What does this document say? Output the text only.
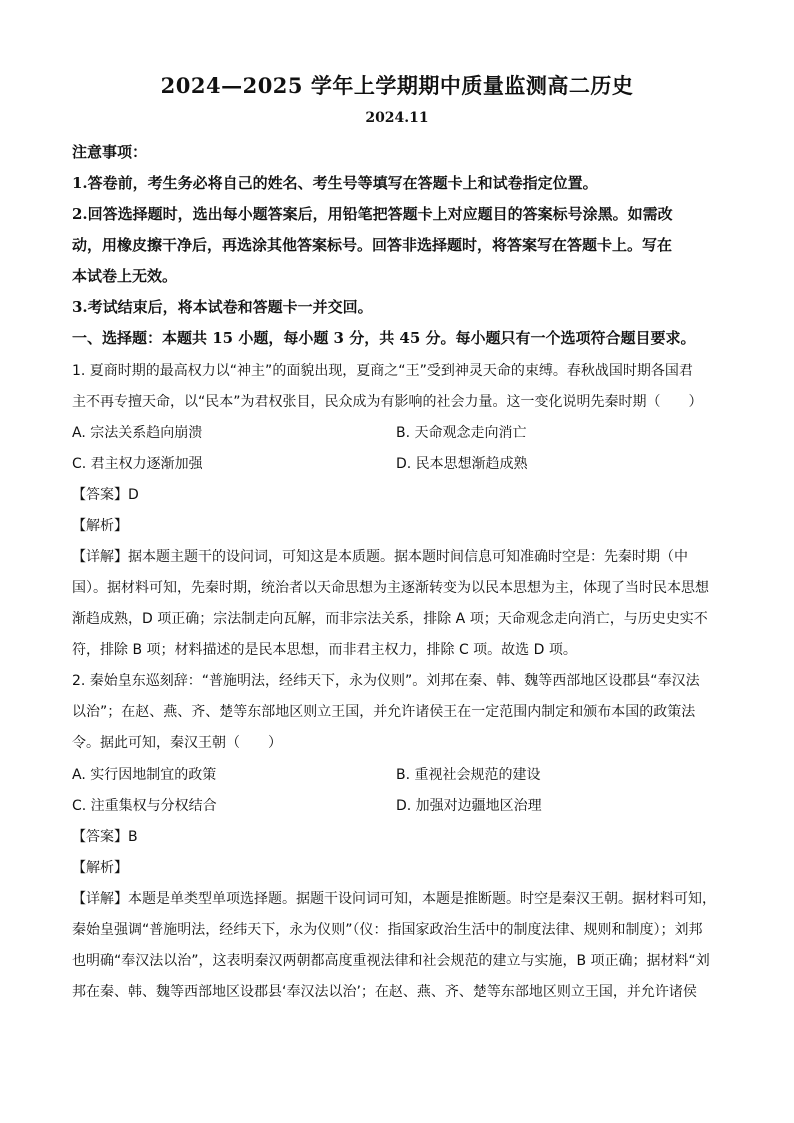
2024—2025 学年上学期期中质量监测高二历史
2024.11
注意事项：
1.答卷前，考生务必将自己的姓名、考生号等填写在答题卡上和试卷指定位置。
2.回答选择题时，选出每小题答案后，用铅笔把答题卡上对应题目的答案标号涂黑。如需改
动，用橡皮擦干净后，再选涂其他答案标号。回答非选择题时，将答案写在答题卡上。写在
本试卷上无效。
3.考试结束后，将本试卷和答题卡一并交回。
一、选择题：本题共 15 小题，每小题 3 分，共 45 分。每小题只有一个选项符合题目要求。
1. 夏商时期的最高权力以“神主”的面貌出现，夏商之“王”受到神灵天命的束缚。春秋战国时期各国君
主不再专擅天命，以“民本”为君权张目，民众成为有影响的社会力量。这一变化说明先秦时期（　　）
A. 宗法关系趋向崩溃	B. 天命观念走向消亡
C. 君主权力逐渐加强	D. 民本思想渐趋成熟
【答案】D
【解析】
【详解】据本题主题干的设问词，可知这是本质题。据本题时间信息可知准确时空是：先秦时期（中
国）。据材料可知，先秦时期，统治者以天命思想为主逐渐转变为以民本思想为主，体现了当时民本思想
渐趋成熟，D 项正确；宗法制走向瓦解，而非宗法关系，排除 A 项；天命观念走向消亡，与历史史实不
符，排除 B 项；材料描述的是民本思想，而非君主权力，排除 C 项。故选 D 项。
2. 秦始皇东巡刻辞：“普施明法，经纬天下，永为仪则”。刘邦在秦、韩、魏等西部地区设郡县“奉汉法
以治”；在赵、燕、齐、楚等东部地区则立王国，并允许诸侯王在一定范围内制定和颁布本国的政策法
令。据此可知，秦汉王朝（　　）
A. 实行因地制宜的政策	B. 重视社会规范的建设
C. 注重集权与分权结合	D. 加强对边疆地区治理
【答案】B
【解析】
【详解】本题是单类型单项选择题。据题干设问词可知，本题是推断题。时空是秦汉王朝。据材料可知，
秦始皇强调“普施明法，经纬天下，永为仪则”（仪：指国家政治生活中的制度法律、规则和制度）；刘邦
也明确“奉汉法以治”，这表明秦汉两朝都高度重视法律和社会规范的建立与实施，B 项正确；据材料“刘
邦在秦、韩、魏等西部地区设郡县‘奉汉法以治’；在赵、燕、齐、楚等东部地区则立王国，并允许诸侯
